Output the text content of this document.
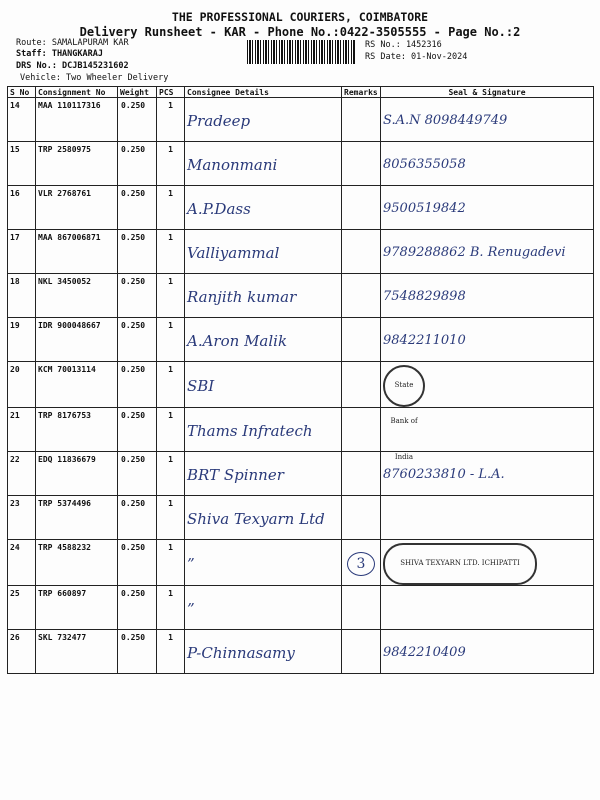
THE PROFESSIONAL COURIERS, COIMBATORE
Delivery Runsheet - KAR - Phone No.:0422-3505555 - Page No.:2
Route: SAMALAPURAM KAR
Staff: THANGKARAJ
DRS No.: DCJB145231602
Vehicle: Two Wheeler Delivery
RS No.: 1452316
RS Date: 01-Nov-2024
S No	Consignment No	Weight	PCS	Consignee Details	Remarks	Seal & Signature
14	MAA 110117316	0.250	1	Pradeep		S.A.N 8098449749
15	TRP 2580975	0.250	1	Manonmani		8056355058
16	VLR 2768761	0.250	1	A.P.Dass		9500519842
17	MAA 867006871	0.250	1	Valliyammal		9789288862 B. Renugadevi
18	NKL 3450052	0.250	1	Ranjith kumar		7548829898
19	IDR 900048667	0.250	1	A.Aron Malik		9842211010
20	KCM 70013114	0.250	1	SBI		State Bank of India
21	TRP 8176753	0.250	1	Thams Infratech		
22	EDQ 11836679	0.250	1	BRT Spinner		8760233810 - L.A.
23	TRP 5374496	0.250	1	Shiva Texyarn Ltd		
24	TRP 4588232	0.250	1	”	3	SHIVA TEXYARN LTD. ICHIPATTI
25	TRP 660897	0.250	1	”		
26	SKL 732477	0.250	1	P-Chinnasamy		9842210409
